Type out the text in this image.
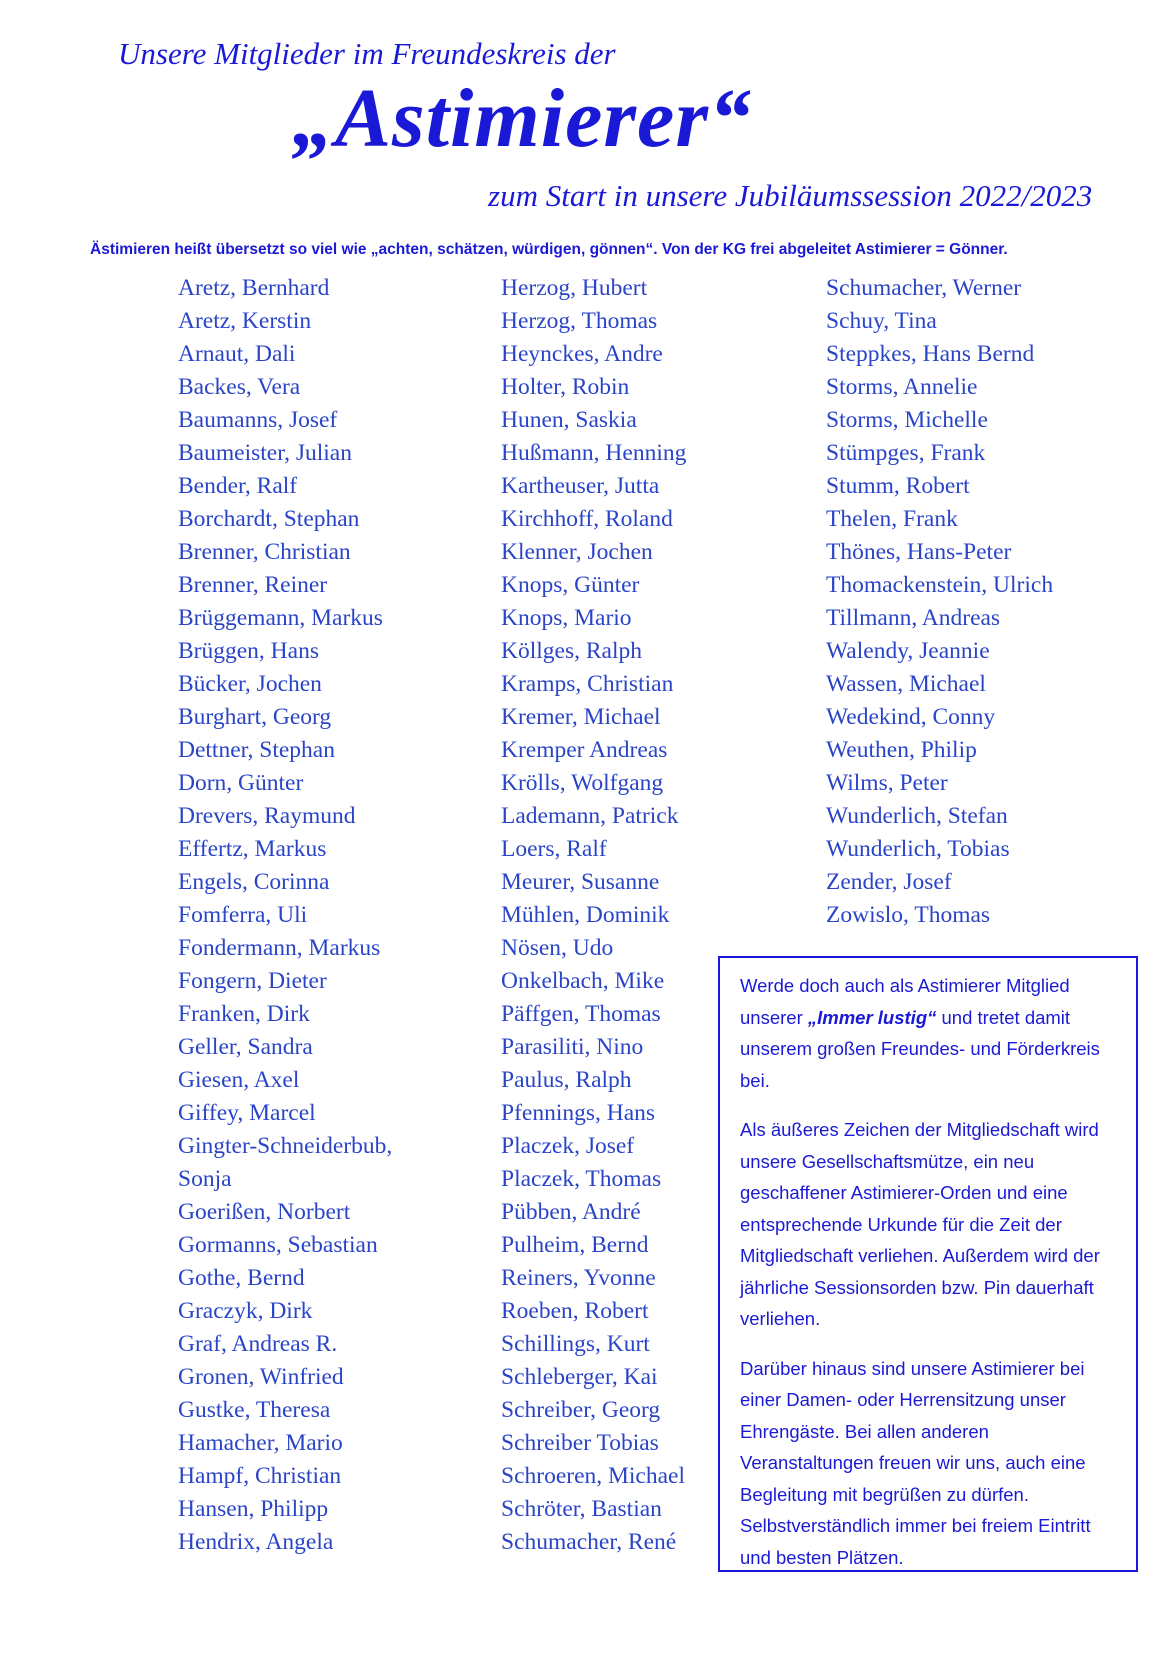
Unsere Mitglieder im Freundeskreis der
„Astimierer“
zum Start in unsere Jubiläumssession 2022/2023
Ästimieren heißt übersetzt so viel wie „achten, schätzen, würdigen, gönnen“. Von der KG frei abgeleitet Astimierer = Gönner.
Aretz, Bernhard
Aretz, Kerstin
Arnaut, Dali
Backes, Vera
Baumanns, Josef
Baumeister, Julian
Bender, Ralf
Borchardt, Stephan
Brenner, Christian
Brenner, Reiner
Brüggemann, Markus
Brüggen, Hans
Bücker, Jochen
Burghart, Georg
Dettner, Stephan
Dorn, Günter
Drevers, Raymund
Effertz, Markus
Engels, Corinna
Fomferra, Uli
Fondermann, Markus
Fongern, Dieter
Franken, Dirk
Geller, Sandra
Giesen, Axel
Giffey, Marcel
Gingter-Schneiderbub,
Sonja
Goerißen, Norbert
Gormanns, Sebastian
Gothe, Bernd
Graczyk, Dirk
Graf, Andreas R.
Gronen, Winfried
Gustke, Theresa
Hamacher, Mario
Hampf, Christian
Hansen, Philipp
Hendrix, Angela
Herzog, Hubert
Herzog, Thomas
Heynckes, Andre
Holter, Robin
Hunen, Saskia
Hußmann, Henning
Kartheuser, Jutta
Kirchhoff, Roland
Klenner, Jochen
Knops, Günter
Knops, Mario
Köllges, Ralph
Kramps, Christian
Kremer, Michael
Kremper Andreas
Krölls, Wolfgang
Lademann, Patrick
Loers, Ralf
Meurer, Susanne
Mühlen, Dominik
Nösen, Udo
Onkelbach, Mike
Päffgen, Thomas
Parasiliti, Nino
Paulus, Ralph
Pfennings, Hans
Placzek, Josef
Placzek, Thomas
Pübben, André
Pulheim, Bernd
Reiners, Yvonne
Roeben, Robert
Schillings, Kurt
Schleberger, Kai
Schreiber, Georg
Schreiber Tobias
Schroeren, Michael
Schröter, Bastian
Schumacher, René
Schumacher, Werner
Schuy, Tina
Steppkes, Hans Bernd
Storms, Annelie
Storms, Michelle
Stümpges, Frank
Stumm, Robert
Thelen, Frank
Thönes, Hans-Peter
Thomackenstein, Ulrich
Tillmann, Andreas
Walendy, Jeannie
Wassen, Michael
Wedekind, Conny
Weuthen, Philip
Wilms, Peter
Wunderlich, Stefan
Wunderlich, Tobias
Zender, Josef
Zowislo, Thomas

Werde doch auch als Astimierer Mitglied unserer „Immer lustig“ und tretet damit unserem großen Freundes- und Förderkreis bei.

Als äußeres Zeichen der Mitgliedschaft wird unsere Gesellschaftsmütze, ein neu geschaffener Astimierer-Orden und eine entsprechende Urkunde für die Zeit der Mitgliedschaft verliehen. Außerdem wird der jährliche Sessionsorden bzw. Pin dauerhaft verliehen.

Darüber hinaus sind unsere Astimierer bei einer Damen- oder Herrensitzung unser Ehrengäste. Bei allen anderen Veranstaltungen freuen wir uns, auch eine Begleitung mit begrüßen zu dürfen. Selbstverständlich immer bei freiem Eintritt und besten Plätzen.
